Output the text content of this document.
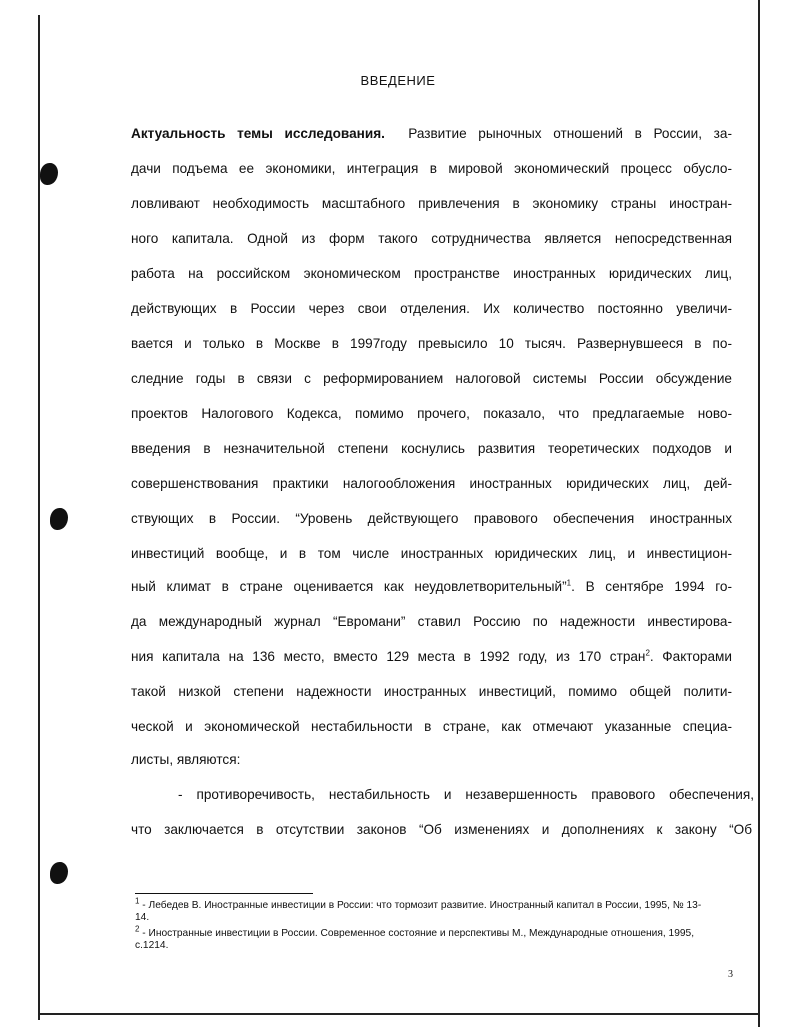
ВВЕДЕНИЕ
Актуальность темы исследования. Развитие рыночных отношений в России, за-
дачи подъема ее экономики, интеграция в мировой экономический процесс обусло-
ловливают необходимость масштабного привлечения в экономику страны иностран-
ного капитала. Одной из форм такого сотрудничества является непосредственная
работа на российском экономическом пространстве иностранных юридических лиц,
действующих в России через свои отделения. Их количество постоянно увеличи-
вается и только в Москве в 1997году превысило 10 тысяч. Развернувшееся в по-
следние годы в связи с реформированием налоговой системы России обсуждение
проектов Налогового Кодекса, помимо прочего, показало, что предлагаемые ново-
введения в незначительной степени коснулись развития теоретических подходов и
совершенствования практики налогообложения иностранных юридических лиц, дей-
ствующих в России. “Уровень действующего правового обеспечения иностранных
инвестиций вообще, и в том числе иностранных юридических лиц, и инвестицион-
ный климат в стране оценивается как неудовлетворительный”$^1$. В сентябре 1994 го-
да международный журнал “Евромани” ставил Россию по надежности инвестирова-
ния капитала на 136 место, вместо 129 места в 1992 году, из 170 стран$^2$. Факторами
такой низкой степени надежности иностранных инвестиций, помимо общей полити-
ческой и экономической нестабильности в стране, как отмечают указанные специа-
листы, являются:
- противоречивость, нестабильность и незавершенность правового обеспечения,
что заключается в отсутствии законов “Об изменениях и дополнениях к закону “Об
$^1$ - Лебедев В. Иностранные инвестиции в России: что тормозит развитие. Иностранный капитал в России, 1995, № 13-14.
$^2$ - Иностранные инвестиции в России. Современное состояние и перспективы М., Международные отношения, 1995, с.1214.
3
